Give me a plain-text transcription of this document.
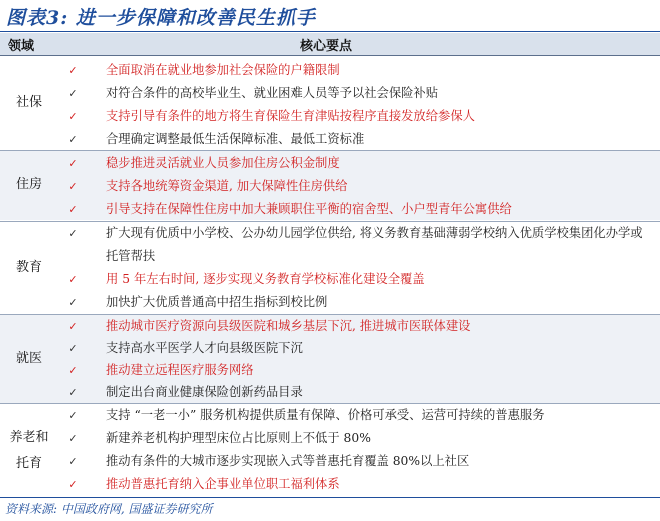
图表3: 进一步保障和改善民生抓手
领域	核心要点
社保
✓ 全面取消在就业地参加社会保险的户籍限制
✓ 对符合条件的高校毕业生、就业困难人员等予以社会保险补贴
✓ 支持引导有条件的地方将生育保险生育津贴按程序直接发放给参保人
✓ 合理确定调整最低生活保障标准、最低工资标准
住房
✓ 稳步推进灵活就业人员参加住房公积金制度
✓ 支持各地统筹资金渠道, 加大保障性住房供给
✓ 引导支持在保障性住房中加大兼顾职住平衡的宿舍型、小户型青年公寓供给
教育
✓ 扩大现有优质中小学校、公办幼儿园学位供给, 将义务教育基础薄弱学校纳入优质学校集团化办学或托管帮扶
✓ 用 5 年左右时间, 逐步实现义务教育学校标准化建设全覆盖
✓ 加快扩大优质普通高中招生指标到校比例
就医
✓ 推动城市医疗资源向县级医院和城乡基层下沉, 推进城市医联体建设
✓ 支持高水平医学人才向县级医院下沉
✓ 推动建立远程医疗服务网络
✓ 制定出台商业健康保险创新药品目录
养老和
托育
✓ 支持 “一老一小” 服务机构提供质量有保障、价格可承受、运营可持续的普惠服务
✓ 新建养老机构护理型床位占比原则上不低于 80%
✓ 推动有条件的大城市逐步实现嵌入式等普惠托育覆盖 80%以上社区
✓ 推动普惠托育纳入企事业单位职工福利体系
资料来源: 中国政府网, 国盛证券研究所
